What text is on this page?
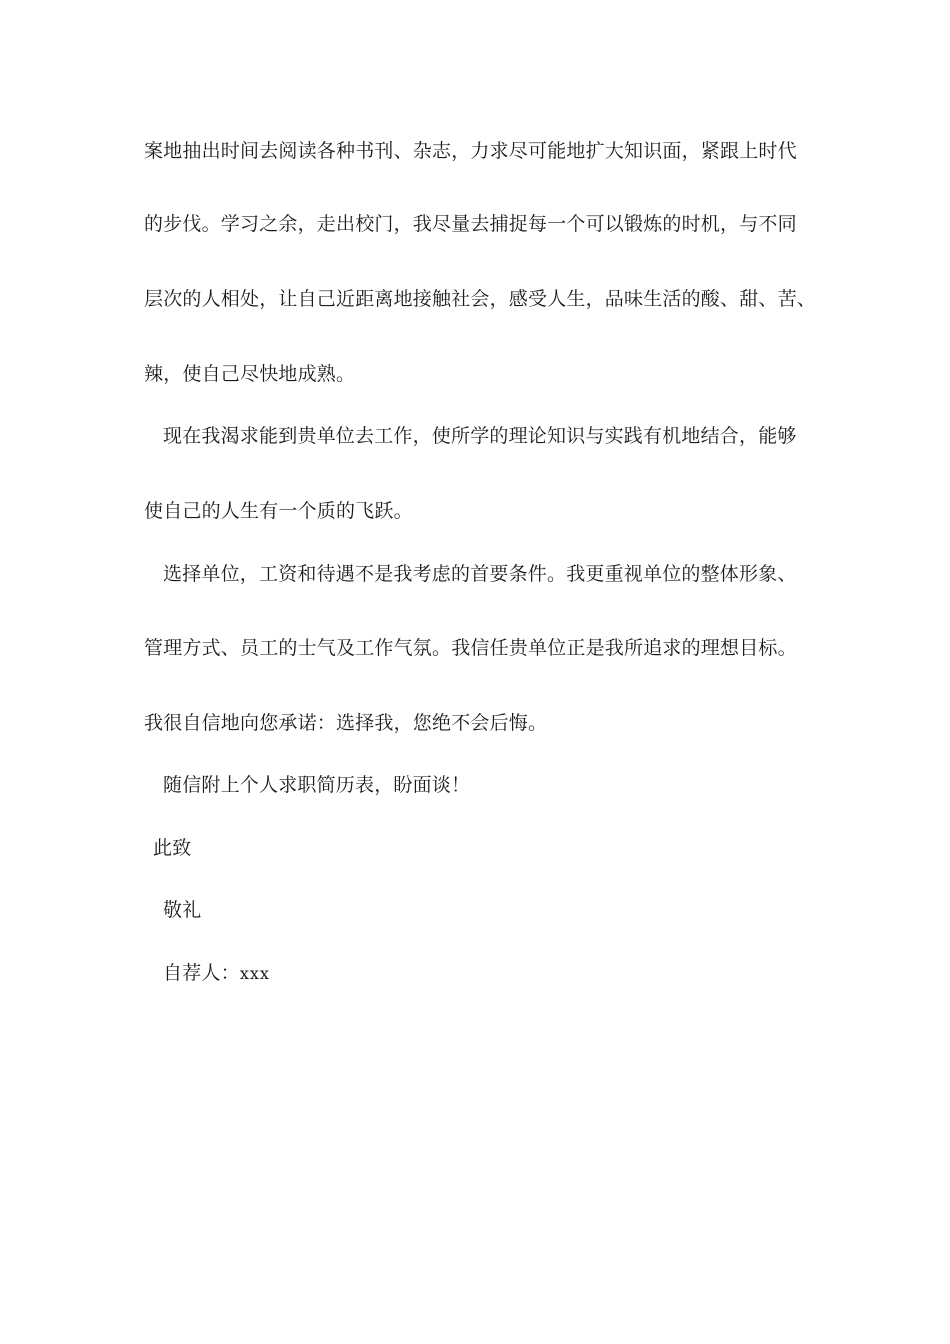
案地抽出时间去阅读各种书刊、杂志，力求尽可能地扩大知识面，紧跟上时代
的步伐。学习之余，走出校门，我尽量去捕捉每一个可以锻炼的时机，与不同
层次的人相处，让自己近距离地接触社会，感受人生，品味生活的酸、甜、苦、
辣，使自己尽快地成熟。
现在我渴求能到贵单位去工作，使所学的理论知识与实践有机地结合，能够
使自己的人生有一个质的飞跃。
选择单位，工资和待遇不是我考虑的首要条件。我更重视单位的整体形象、
管理方式、员工的士气及工作气氛。我信任贵单位正是我所追求的理想目标。
我很自信地向您承诺：选择我，您绝不会后悔。
随信附上个人求职简历表，盼面谈！
此致
敬礼
自荐人：xxx
